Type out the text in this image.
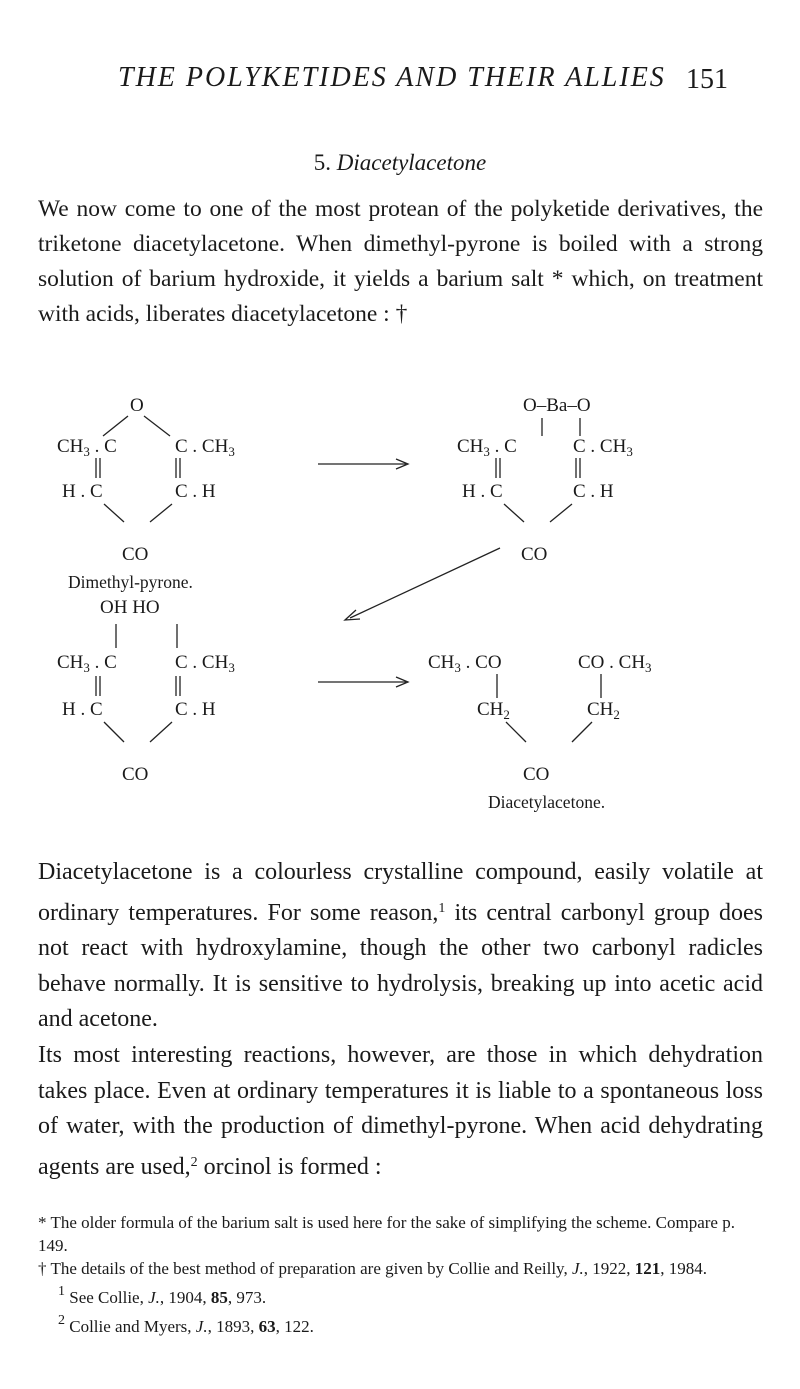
THE POLYKETIDES AND THEIR ALLIES 151
5. Diacetylacetone

We now come to one of the most protean of the polyketide derivatives, the triketone diacetylacetone. When dimethyl-pyrone is boiled with a strong solution of barium hydroxide, it yields a barium salt * which, on treatment with acids, liberates diacetylacetone : †

O
$CH_3$ . C	C . $CH_3$
H . C	C . H
CO
Dimethyl-pyrone.
O–Ba–O
$CH_3$ . C	C . $CH_3$
H . C	C . H
CO
OH HO
$CH_3$ . C	C . $CH_3$
H . C	C . H
CO
$CH_3$ . CO	CO . $CH_3$
$CH_2$	$CH_2$
CO
Diacetylacetone.

Diacetylacetone is a colourless crystalline compound, easily volatile at ordinary temperatures. For some reason,$^1$ its central carbonyl group does not react with hydroxylamine, though the other two carbonyl radicles behave normally. It is sensitive to hydrolysis, breaking up into acetic acid and acetone.

Its most interesting reactions, however, are those in which dehydration takes place. Even at ordinary temperatures it is liable to a spontaneous loss of water, with the production of dimethyl-pyrone. When acid dehydrating agents are used,$^2$ orcinol is formed :

* The older formula of the barium salt is used here for the sake of simplifying the scheme. Compare p. 149.

† The details of the best method of preparation are given by Collie and Reilly, J., 1922, 121, 1984.

$^1$ See Collie, J., 1904, 85, 973.

$^2$ Collie and Myers, J., 1893, 63, 122.
